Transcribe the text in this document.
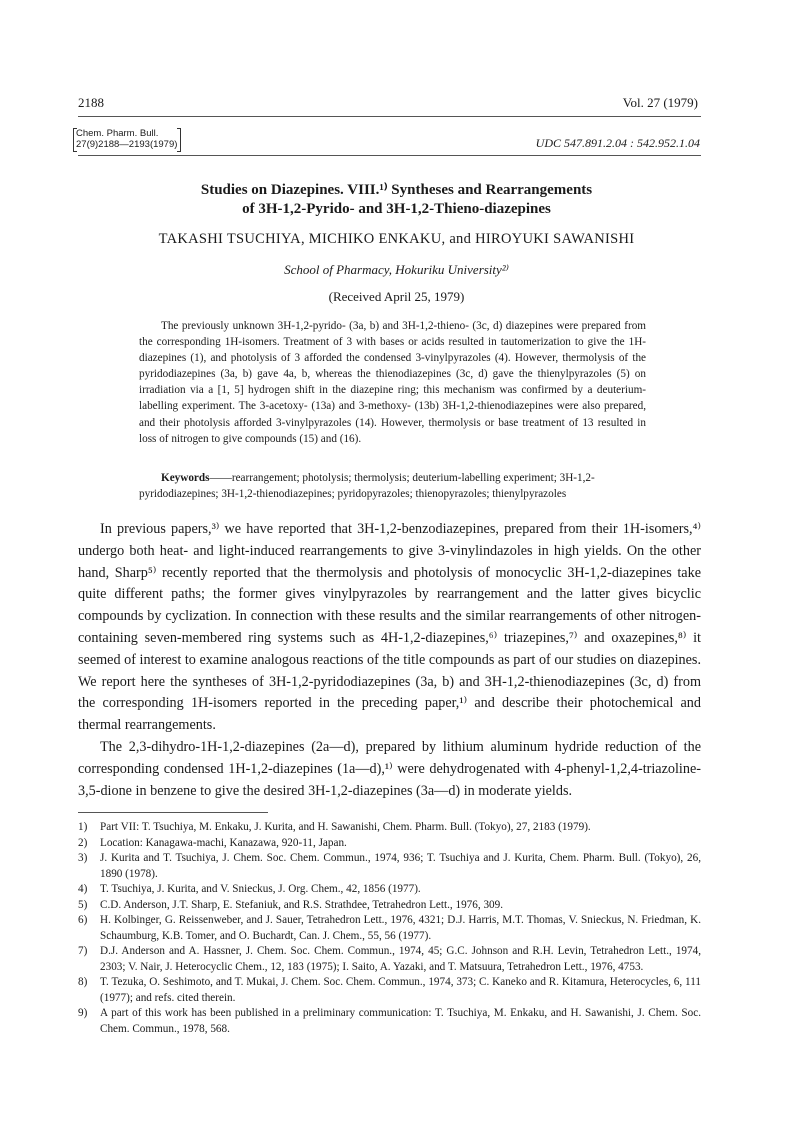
2188	Vol. 27 (1979)
Chem. Pharm. Bull.
27(9)2188—2193(1979)	UDC 547.891.2.04 : 542.952.1.04
Studies on Diazepines. VIII.¹⁾ Syntheses and Rearrangements
of 3H-1,2-Pyrido- and 3H-1,2-Thieno-diazepines
TAKASHI TSUCHIYA, MICHIKO ENKAKU, and HIROYUKI SAWANISHI
School of Pharmacy, Hokuriku University²⁾
(Received April 25, 1979)

The previously unknown 3H-1,2-pyrido- (3a, b) and 3H-1,2-thieno- (3c, d) diazepines were prepared from the corresponding 1H-isomers. Treatment of 3 with bases or acids resulted in tautomerization to give the 1H-diazepines (1), and photolysis of 3 afforded the condensed 3-vinylpyrazoles (4). However, thermolysis of the pyridodiazepines (3a, b) gave 4a, b, whereas the thienodiazepines (3c, d) gave the thienylpyrazoles (5) on irradiation via a [1, 5] hydrogen shift in the diazepine ring; this mechanism was confirmed by a deuterium-labelling experiment. The 3-acetoxy- (13a) and 3-methoxy- (13b) 3H-1,2-thienodiazepines were also prepared, and their photolysis afforded 3-vinylpyrazoles (14). However, thermolysis or base treatment of 13 resulted in loss of nitrogen to give compounds (15) and (16).

Keywords——rearrangement; photolysis; thermolysis; deuterium-labelling experiment; 3H-1,2-pyridodiazepines; 3H-1,2-thienodiazepines; pyridopyrazoles; thienopyrazoles; thienylpyrazoles

In previous papers,³⁾ we have reported that 3H-1,2-benzodiazepines, prepared from their 1H-isomers,⁴⁾ undergo both heat- and light-induced rearrangements to give 3-vinylindazoles in high yields. On the other hand, Sharp⁵⁾ recently reported that the thermolysis and photolysis of monocyclic 3H-1,2-diazepines take quite different paths; the former gives vinylpyrazoles by rearrangement and the latter gives bicyclic compounds by cyclization. In connection with these results and the similar rearrangements of other nitrogen-containing seven-membered ring systems such as 4H-1,2-diazepines,⁶⁾ triazepines,⁷⁾ and oxazepines,⁸⁾ it seemed of interest to examine analogous reactions of the title compounds as part of our studies on diazepines. We report here the syntheses of 3H-1,2-pyridodiazepines (3a, b) and 3H-1,2-thienodiazepines (3c, d) from the corresponding 1H-isomers reported in the preceding paper,¹⁾ and describe their photochemical and thermal rearrangements.

The 2,3-dihydro-1H-1,2-diazepines (2a—d), prepared by lithium aluminum hydride reduction of the corresponding condensed 1H-1,2-diazepines (1a—d),¹⁾ were dehydrogenated with 4-phenyl-1,2,4-triazoline-3,5-dione in benzene to give the desired 3H-1,2-diazepines (3a—d) in moderate yields.

1) Part VII: T. Tsuchiya, M. Enkaku, J. Kurita, and H. Sawanishi, Chem. Pharm. Bull. (Tokyo), 27, 2183 (1979).
2) Location: Kanagawa-machi, Kanazawa, 920-11, Japan.
3) J. Kurita and T. Tsuchiya, J. Chem. Soc. Chem. Commun., 1974, 936; T. Tsuchiya and J. Kurita, Chem. Pharm. Bull. (Tokyo), 26, 1890 (1978).
4) T. Tsuchiya, J. Kurita, and V. Snieckus, J. Org. Chem., 42, 1856 (1977).
5) C.D. Anderson, J.T. Sharp, E. Stefaniuk, and R.S. Strathdee, Tetrahedron Lett., 1976, 309.
6) H. Kolbinger, G. Reissenweber, and J. Sauer, Tetrahedron Lett., 1976, 4321; D.J. Harris, M.T. Thomas, V. Snieckus, N. Friedman, K. Schaumburg, K.B. Tomer, and O. Buchardt, Can. J. Chem., 55, 56 (1977).
7) D.J. Anderson and A. Hassner, J. Chem. Soc. Chem. Commun., 1974, 45; G.C. Johnson and R.H. Levin, Tetrahedron Lett., 1974, 2303; V. Nair, J. Heterocyclic Chem., 12, 183 (1975); I. Saito, A. Yazaki, and T. Matsuura, Tetrahedron Lett., 1976, 4753.
8) T. Tezuka, O. Seshimoto, and T. Mukai, J. Chem. Soc. Chem. Commun., 1974, 373; C. Kaneko and R. Kitamura, Heterocycles, 6, 111 (1977); and refs. cited therein.
9) A part of this work has been published in a preliminary communication: T. Tsuchiya, M. Enkaku, and H. Sawanishi, J. Chem. Soc. Chem. Commun., 1978, 568.
